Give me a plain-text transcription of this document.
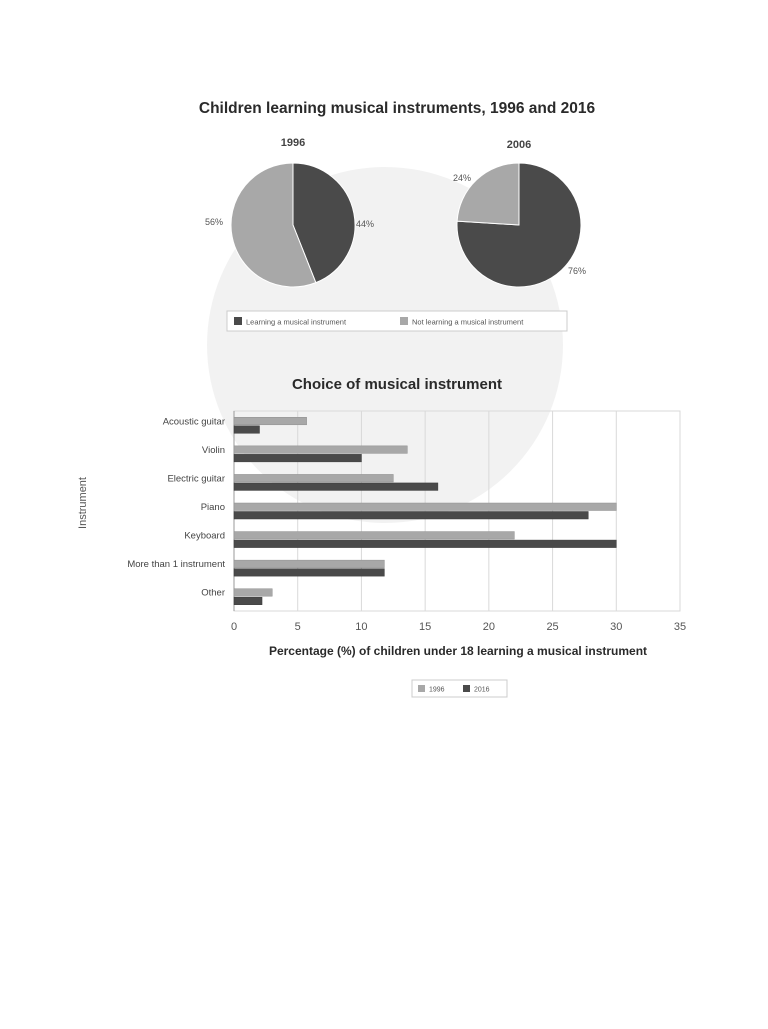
Children learning musical instruments, 1996 and 2016
1996	2006
44%
56%
76%
24%
Learning a musical instrument	Not learning a musical instrument
Choice of musical instrument
0	5	10	15	20	25	30	35
Acoustic guitar
Violin
Electric guitar
Piano
Keyboard
More than 1 instrument
Other
Instrument
Percentage (%) of children under 18 learning a musical instrument
1996	2016
